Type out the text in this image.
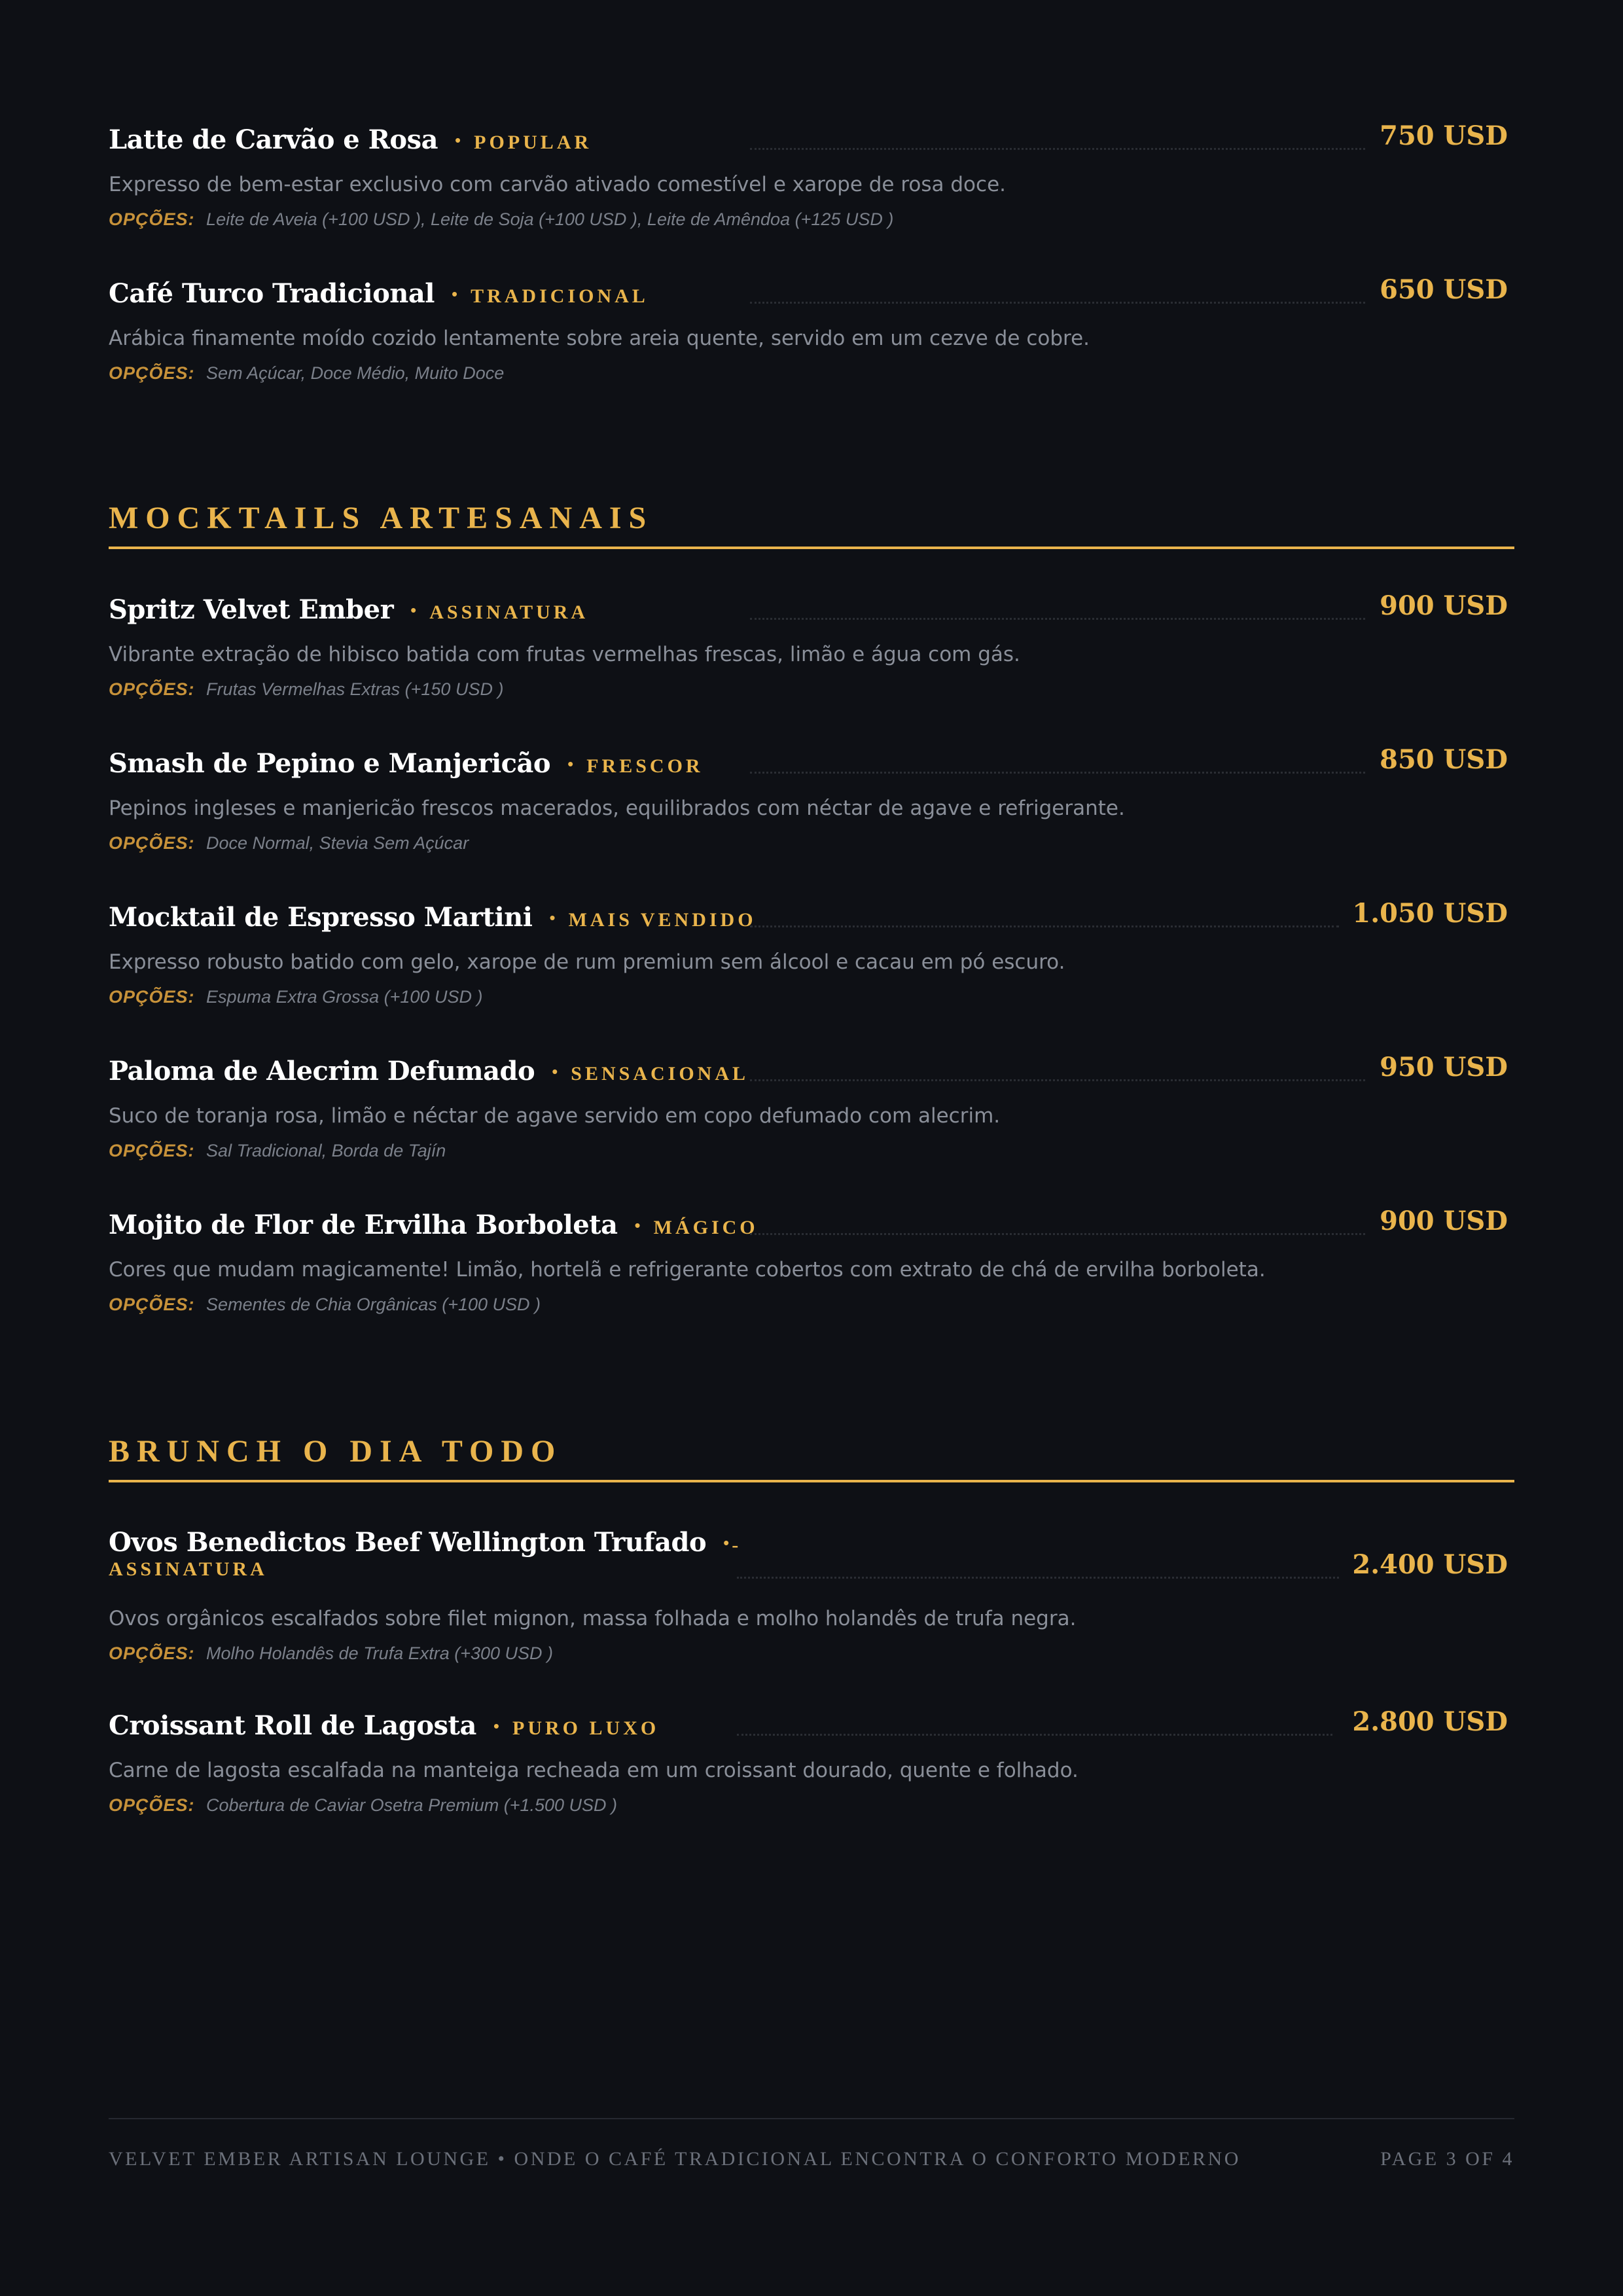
Latte de Carvão e Rosa • POPULAR	750 USD
Expresso de bem-estar exclusivo com carvão ativado comestível e xarope de rosa doce.
OPÇÕES: Leite de Aveia (+100 USD ), Leite de Soja (+100 USD ), Leite de Amêndoa (+125 USD )
Café Turco Tradicional • TRADICIONAL	650 USD
Arábica finamente moído cozido lentamente sobre areia quente, servido em um cezve de cobre.
OPÇÕES: Sem Açúcar, Doce Médio, Muito Doce
MOCKTAILS ARTESANAIS
Spritz Velvet Ember • ASSINATURA	900 USD
Vibrante extração de hibisco batida com frutas vermelhas frescas, limão e água com gás.
OPÇÕES: Frutas Vermelhas Extras (+150 USD )
Smash de Pepino e Manjericão • FRESCOR	850 USD
Pepinos ingleses e manjericão frescos macerados, equilibrados com néctar de agave e refrigerante.
OPÇÕES: Doce Normal, Stevia Sem Açúcar
Mocktail de Espresso Martini • MAIS VENDIDO	1.050 USD
Expresso robusto batido com gelo, xarope de rum premium sem álcool e cacau em pó escuro.
OPÇÕES: Espuma Extra Grossa (+100 USD )
Paloma de Alecrim Defumado • SENSACIONAL	950 USD
Suco de toranja rosa, limão e néctar de agave servido em copo defumado com alecrim.
OPÇÕES: Sal Tradicional, Borda de Tajín
Mojito de Flor de Ervilha Borboleta • MÁGICO	900 USD
Cores que mudam magicamente! Limão, hortelã e refrigerante cobertos com extrato de chá de ervilha borboleta.
OPÇÕES: Sementes de Chia Orgânicas (+100 USD )
BRUNCH O DIA TODO
Ovos Benedictos Beef Wellington Trufado • -
ASSINATURA	2.400 USD
Ovos orgânicos escalfados sobre filet mignon, massa folhada e molho holandês de trufa negra.
OPÇÕES: Molho Holandês de Trufa Extra (+300 USD )
Croissant Roll de Lagosta • PURO LUXO	2.800 USD
Carne de lagosta escalfada na manteiga recheada em um croissant dourado, quente e folhado.
OPÇÕES: Cobertura de Caviar Osetra Premium (+1.500 USD )
VELVET EMBER ARTISAN LOUNGE • ONDE O CAFÉ TRADICIONAL ENCONTRA O CONFORTO MODERNO	PAGE 3 OF 4
